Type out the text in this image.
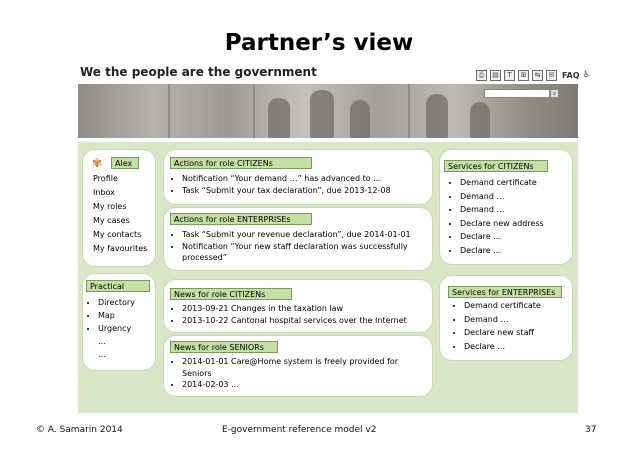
Partner’s view
We the people are the government	⎙	▤	T	⊞	⇆	✉ FAQ ♿
⌕
✾	Alex
Profile
Inbox
My roles
My cases
My contacts
My favourites
Practical
• Directory
• Map
• Urgency
…
…
Actions for role CITIZENs
• Notification “Your demand …” has advanced to …
• Task “Submit your tax declaration”, due 2013-12-08
Actions for role ENTERPRISEs
• Task “Submit your revenue declaration”, due 2014-01-01
• Notification “Your new staff declaration was successfully processed”
News for role CITIZENs
• 2013-09-21 Changes in the taxation law
• 2013-10-22 Cantonal hospital services over the Internet
News for role SENIORs
• 2014-01-01 Care@Home system is freely provided for Seniors
• 2014-02-03 …
Services for CITIZENs
• Demand certificate
• Demand …
• Demand …
• Declare new address
• Declare …
• Declare …
Services for ENTERPRISEs
• Demand certificate
• Demand …
• Declare new staff
• Declare …
© A. Samarin 2014	E-government reference model v2	37
